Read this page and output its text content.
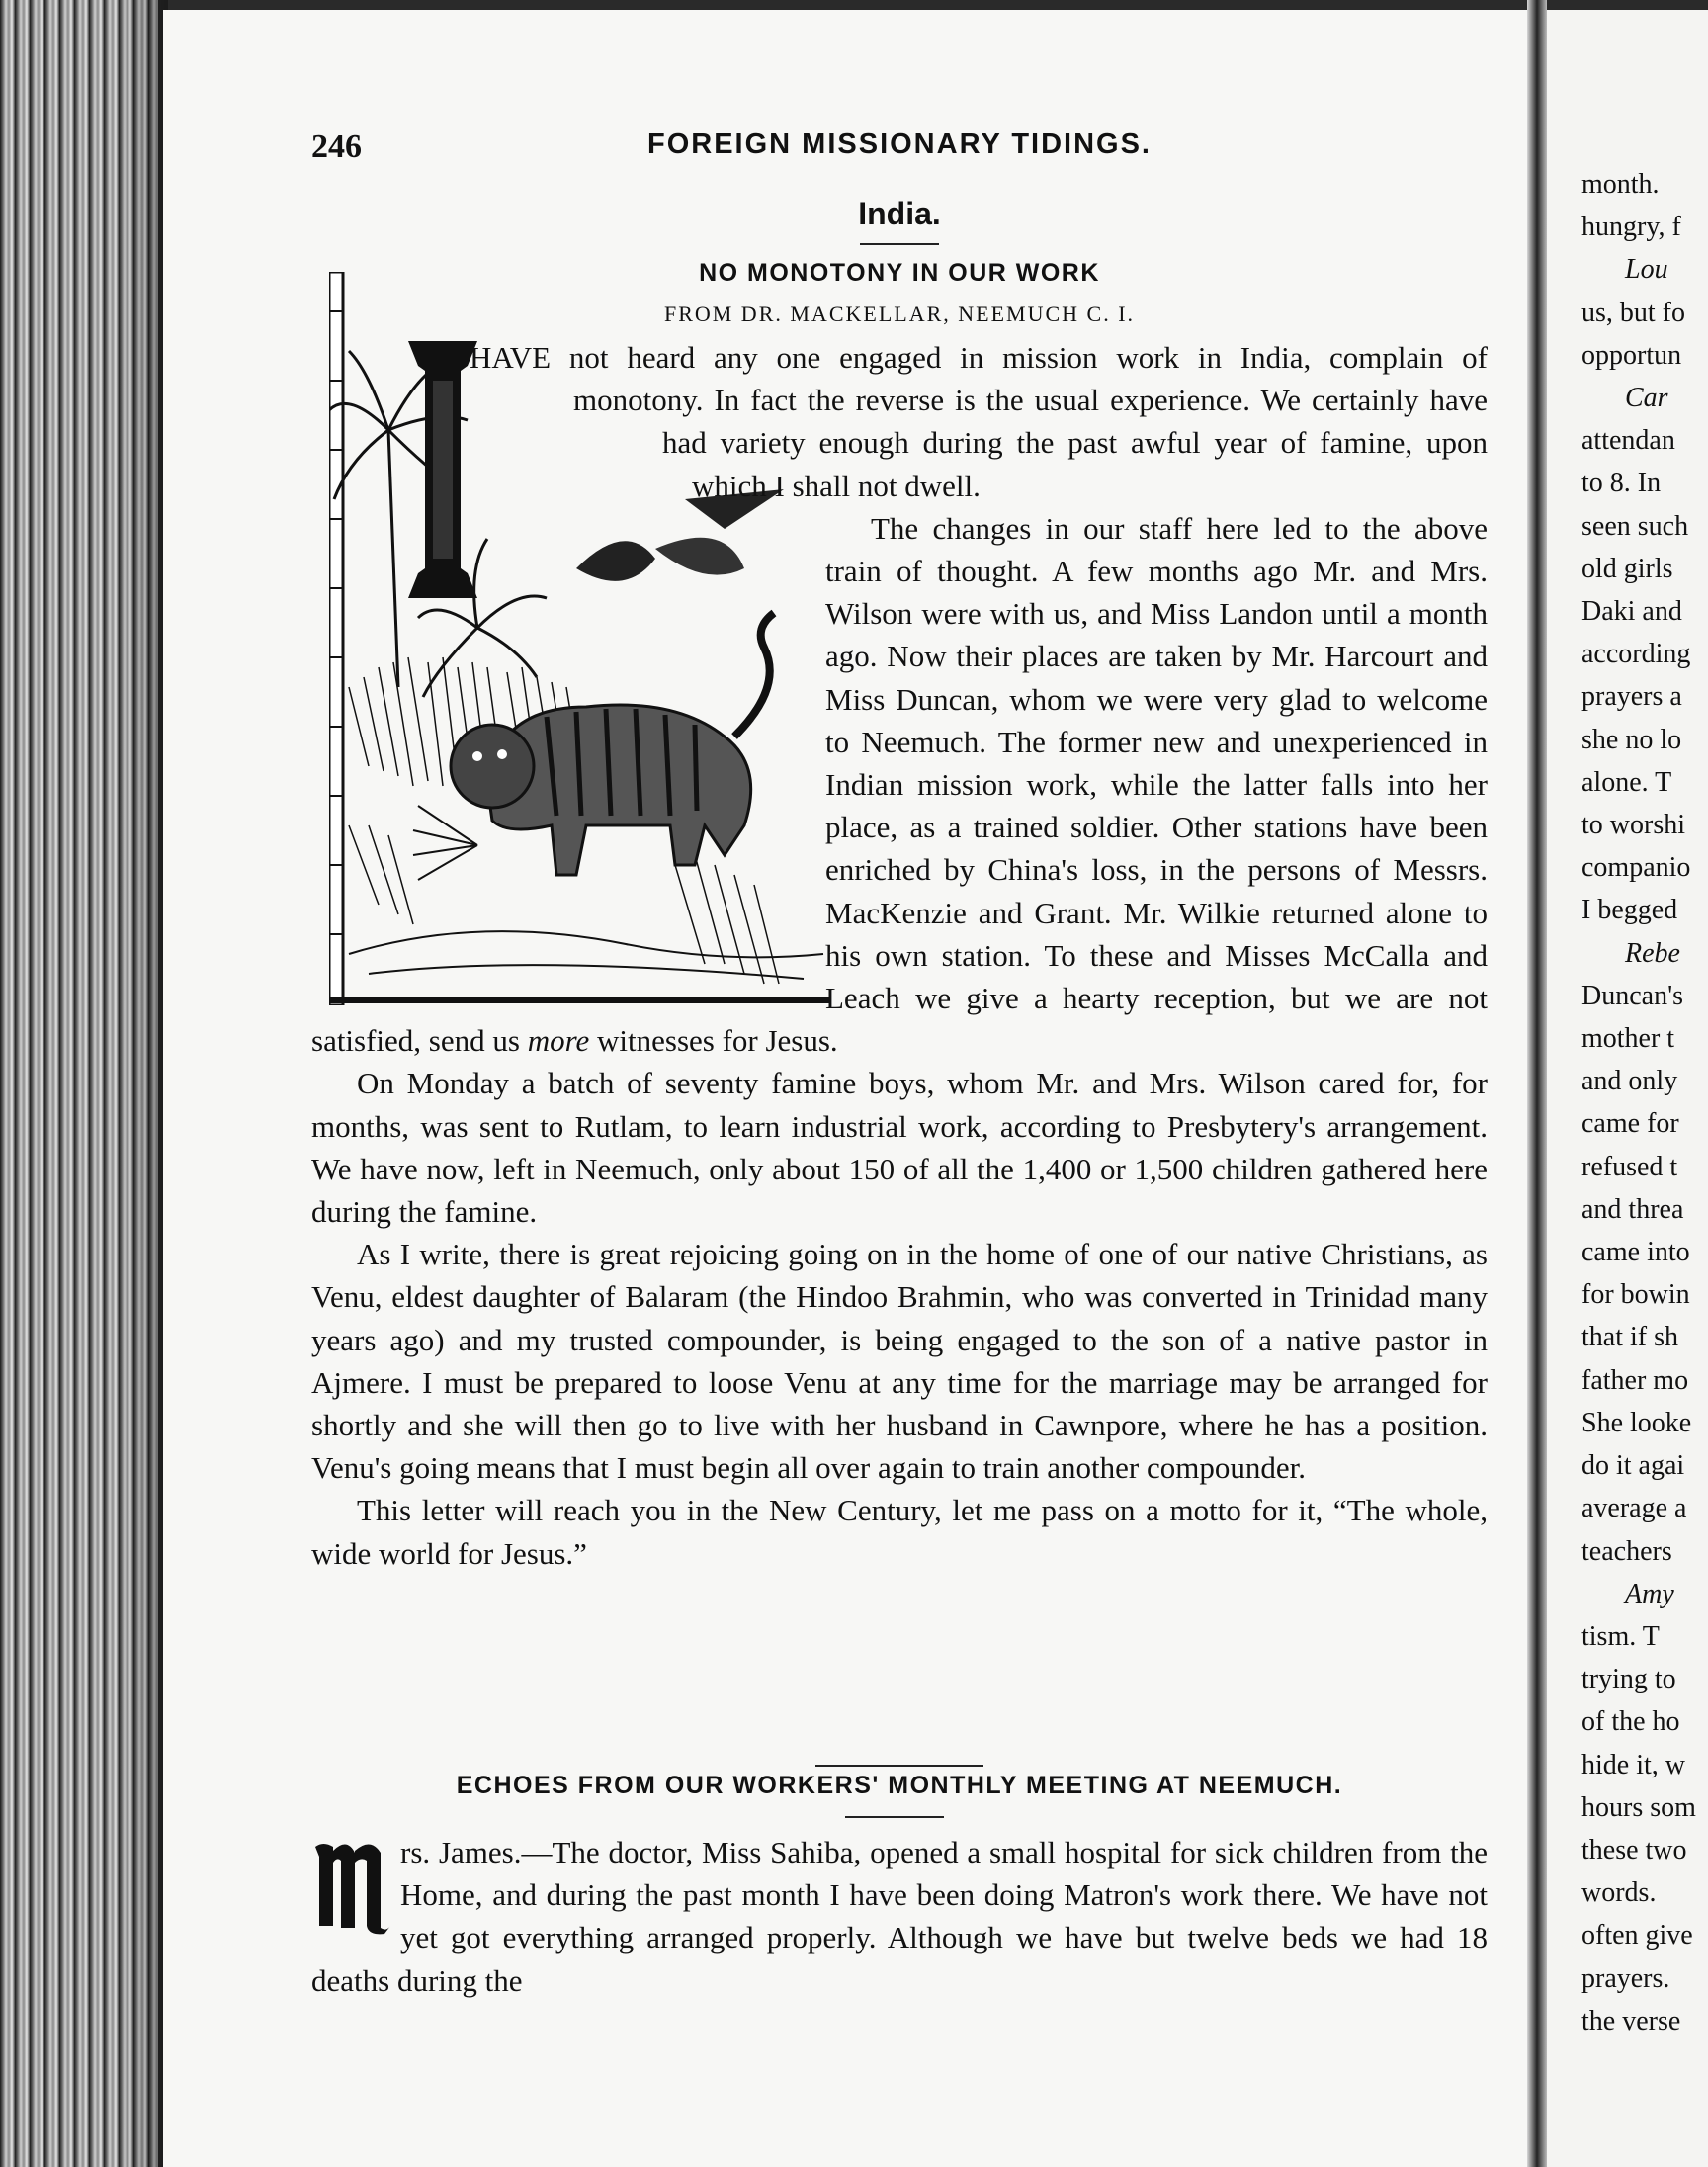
246	FOREIGN MISSIONARY TIDINGS.
India.
NO MONOTONY IN OUR WORK
FROM DR. MACKELLAR, NEEMUCH C. I.

HAVE not heard any one engaged in mission work in India, complain of monotony. In fact the reverse is the usual experience. We certainly have had variety enough during the past awful year of famine, upon which I shall not dwell.

The changes in our staff here led to the above train of thought. A few months ago Mr. and Mrs. Wilson were with us, and Miss Landon until a month ago. Now their places are taken by Mr. Harcourt and Miss Duncan, whom we were very glad to welcome to Neemuch. The former new and unexperienced in Indian mission work, while the latter falls into her place, as a trained soldier. Other stations have been enriched by China's loss, in the persons of Messrs. MacKenzie and Grant. Mr. Wilkie returned alone to his own station. To these and Misses McCalla and Leach we give a hearty reception, but we are not satisfied, send us more witnesses for Jesus.

On Monday a batch of seventy famine boys, whom Mr. and Mrs. Wilson cared for, for months, was sent to Rutlam, to learn industrial work, according to Presbytery's arrangement. We have now, left in Neemuch, only about 150 of all the 1,400 or 1,500 children gathered here during the famine.

As I write, there is great rejoicing going on in the home of one of our native Christians, as Venu, eldest daughter of Balaram (the Hindoo Brahmin, who was converted in Trinidad many years ago) and my trusted compounder, is being engaged to the son of a native pastor in Ajmere. I must be prepared to loose Venu at any time for the marriage may be arranged for shortly and she will then go to live with her husband in Cawnpore, where he has a position. Venu's going means that I must begin all over again to train another compounder.

This letter will reach you in the New Century, let me pass on a motto for it, “The whole, wide world for Jesus.”

ECHOES FROM OUR WORKERS' MONTHLY MEETING AT NEEMUCH.
rs. James.—The doctor, Miss Sahiba, opened a small hospital for sick children from the Home, and during the past month I have been doing Matron's work there. We have not yet got everything arranged properly. Although we have but twelve beds we had 18 deaths during the
month.
hungry, f
Lou
us, but fo
opportun
Car
attendan
to 8. In
seen such
old girls
Daki and
according
prayers a
she no lo
alone. T
to worshi
companio
I begged
Rebe
Duncan's
mother t
and only
came for
refused t
and threa
came into
for bowin
that if sh
father mo
She looke
do it agai
average a
teachers
Amy
tism. T
trying to
of the ho
hide it, w
hours som
these two
words.
often give
prayers.
the verse
